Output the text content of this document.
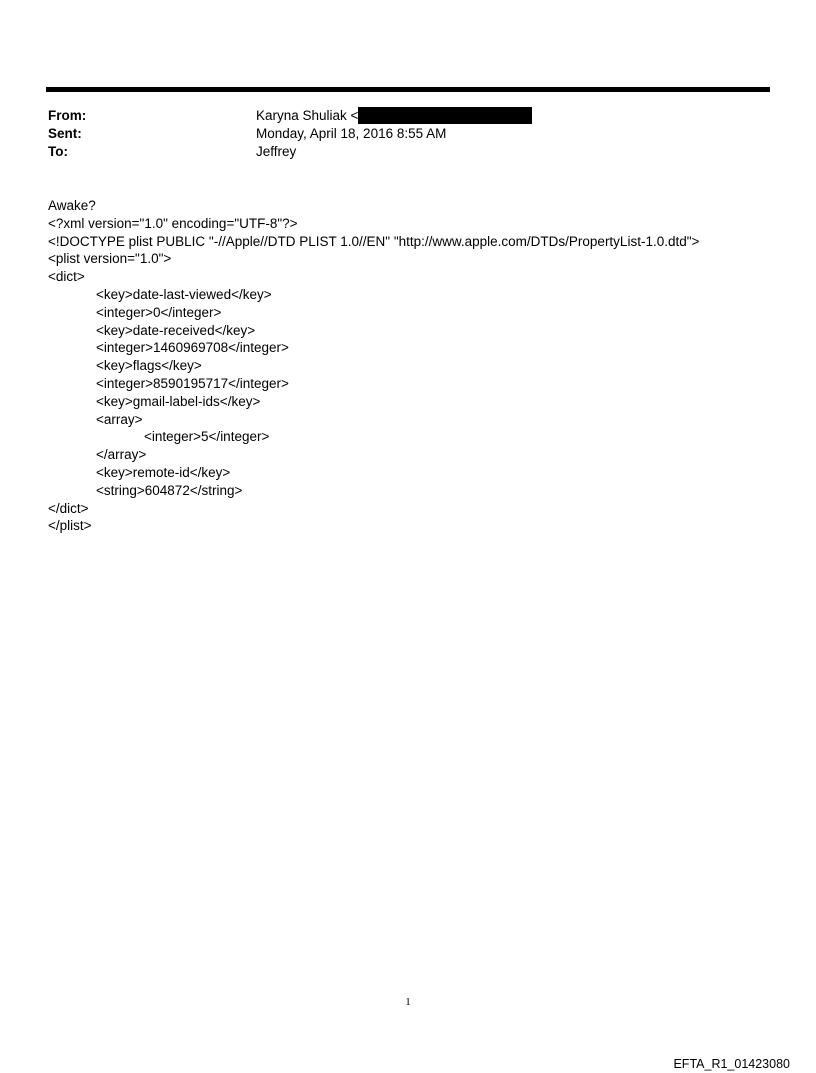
From:	Karyna Shuliak <
Sent:	Monday, April 18, 2016 8:55 AM
To:	Jeffrey
Awake?
<?xml version="1.0" encoding="UTF-8"?>
<!DOCTYPE plist PUBLIC "-//Apple//DTD PLIST 1.0//EN" "http://www.apple.com/DTDs/PropertyList-1.0.dtd">
<plist version="1.0">
<dict>
<key>date-last-viewed</key>
<integer>0</integer>
<key>date-received</key>
<integer>1460969708</integer>
<key>flags</key>
<integer>8590195717</integer>
<key>gmail-label-ids</key>
<array>
<integer>5</integer>
</array>
<key>remote-id</key>
<string>604872</string>
</dict>
</plist>
1
EFTA_R1_01423080
